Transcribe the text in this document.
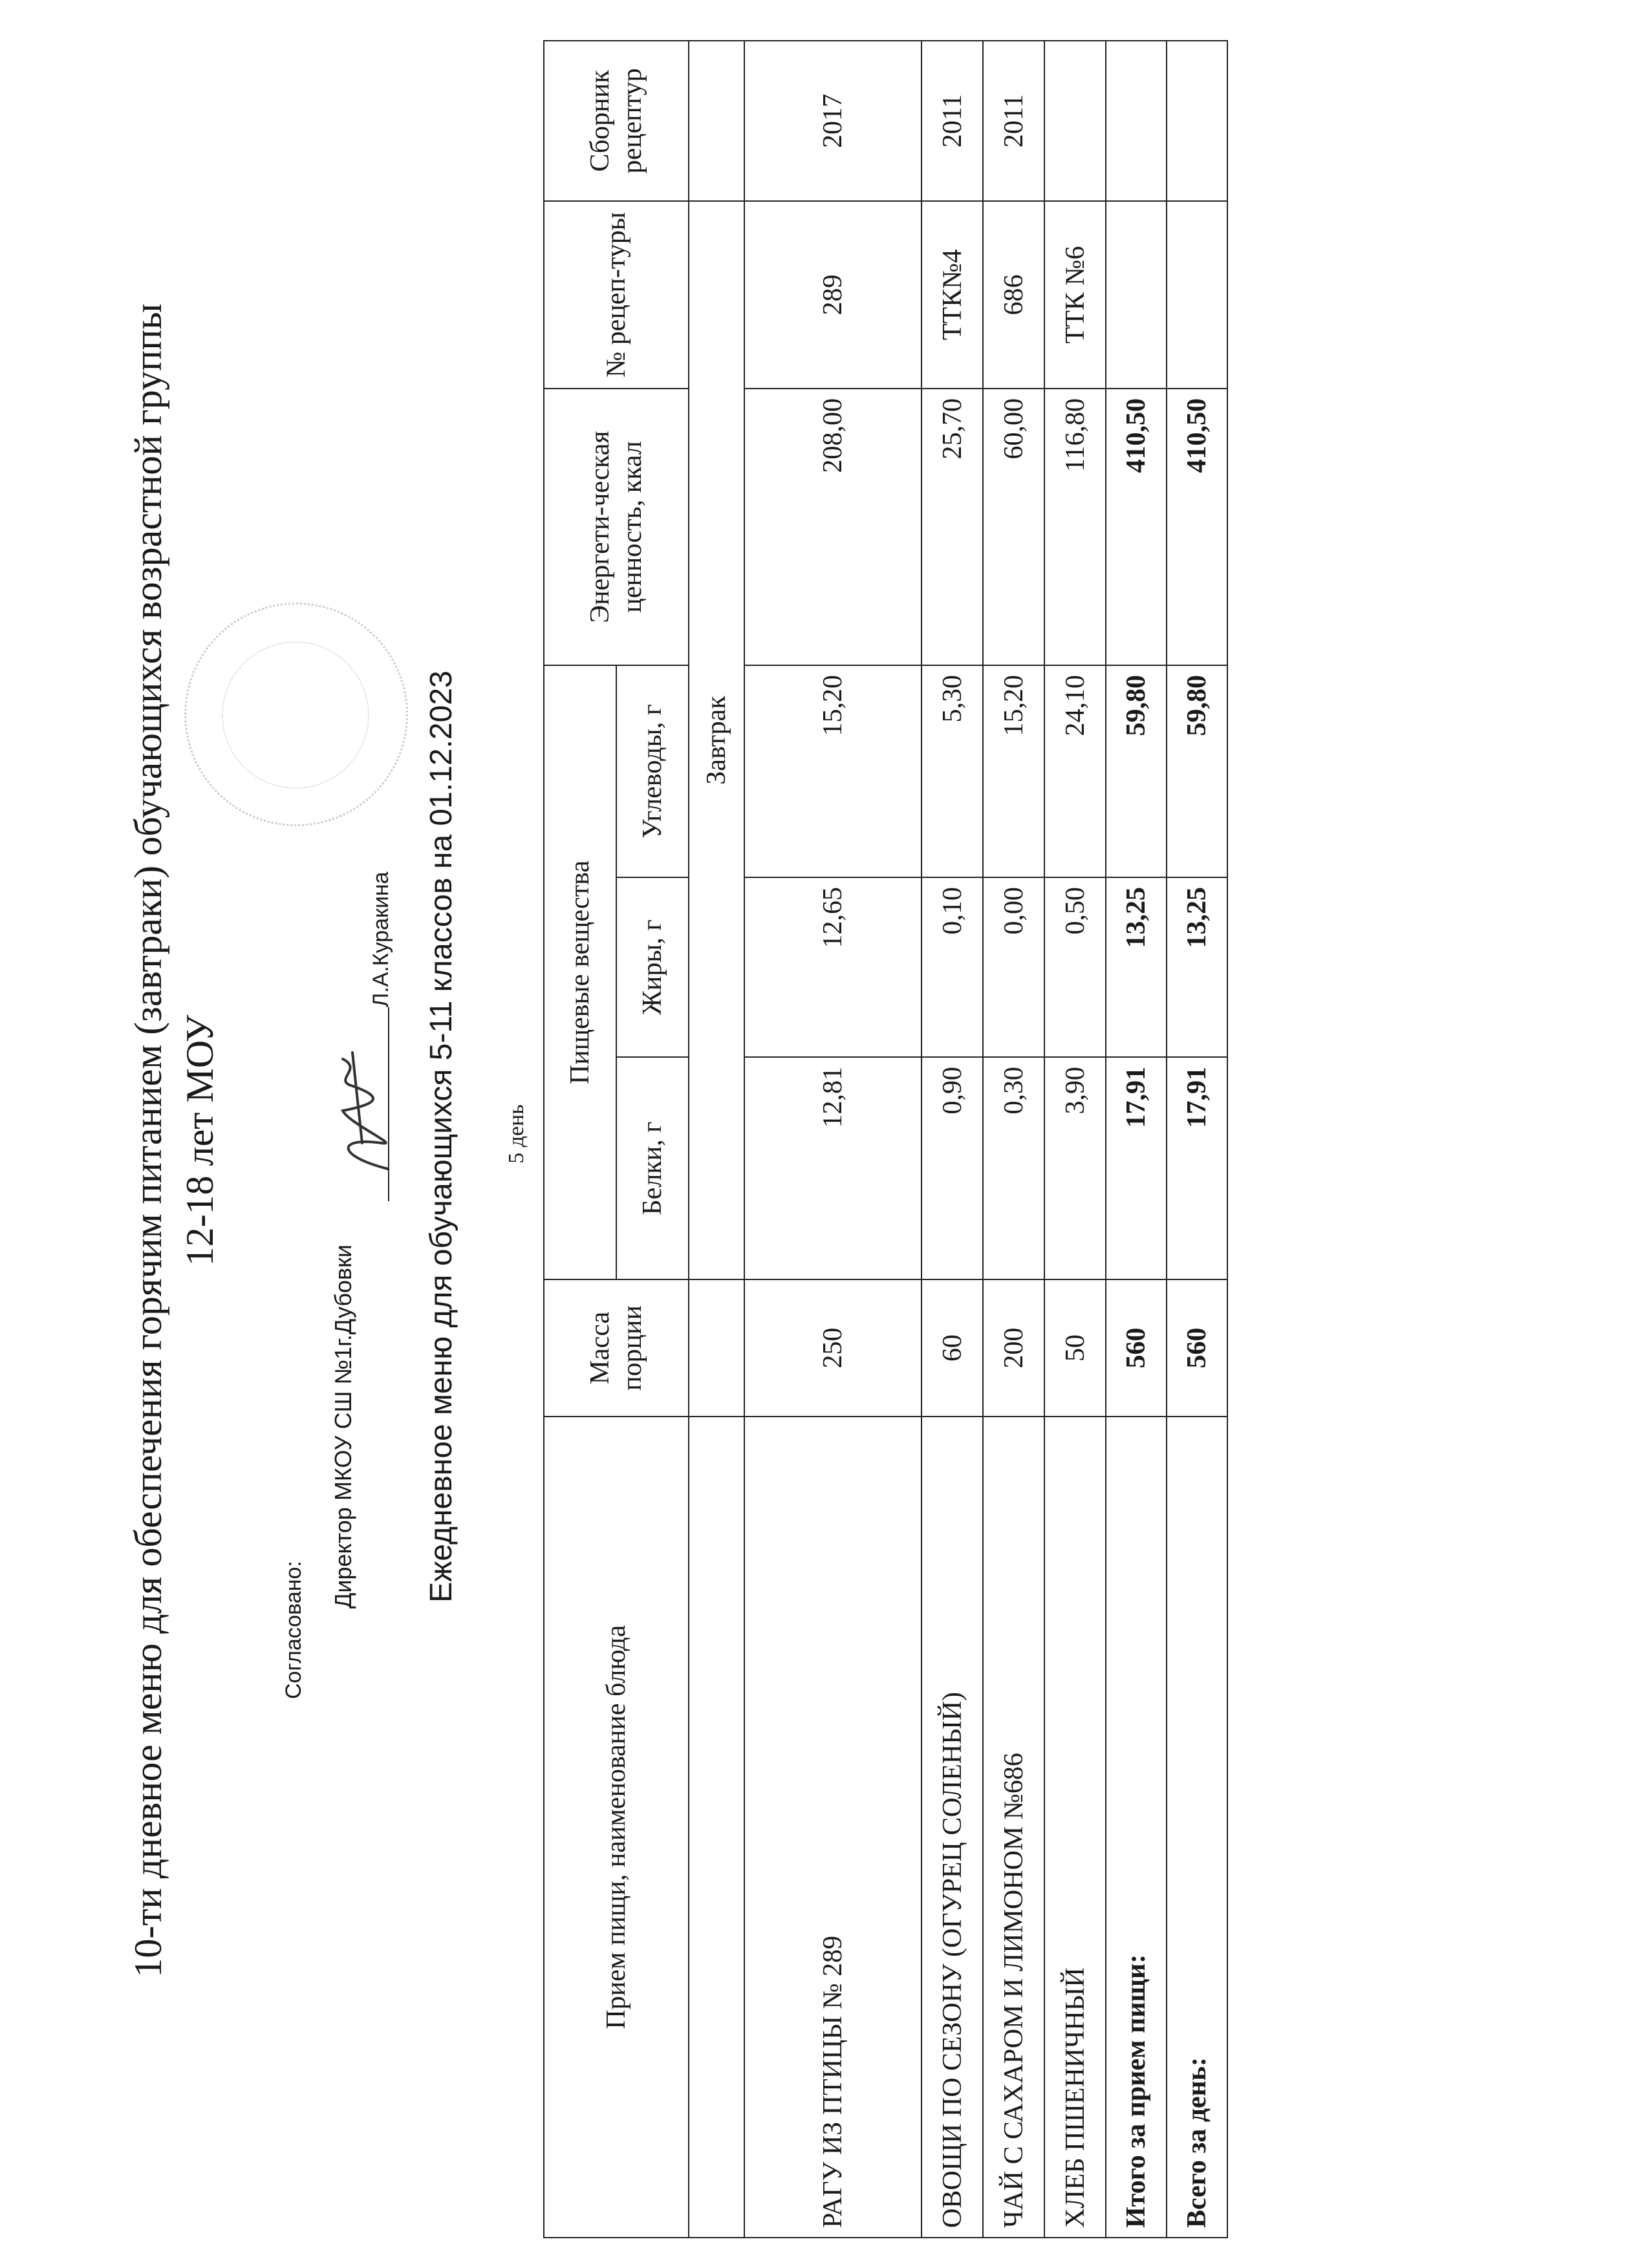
10-ти дневное меню для обеспечения горячим питанием (завтраки) обучающихся возрастной группы 12-18 лет МОУ
Согласовано:
Директор МКОУ СШ №1г.Дубовки
Л.А.Куракина Ежедневное меню для обучающихся 5-11 классов на 01.12.2023 5 день
Прием пищи, наименование блюда	Масса порции	Пищевые вещества			Энергети-ческая ценность, ккал	№ рецеп-туры	Сборник рецептур
		Белки, г	Жиры, г	Углеводы, г			
		Завтрак					
РАГУ ИЗ ПТИЦЫ № 289	250	12,81	12,65	15,20	208,00	289	2017
ОВОЩИ ПО СЕЗОНУ (ОГУРЕЦ СОЛЕНЫЙ)	60	0,90	0,10	5,30	25,70	ТТК№4	2011
ЧАЙ С САХАРОМ И ЛИМОНОМ №686	200	0,30	0,00	15,20	60,00	686	2011
ХЛЕБ ПШЕНИЧНЫЙ	50	3,90	0,50	24,10	116,80	ТТК №6	
Итого за прием пищи:	560	17,91	13,25	59,80	410,50		
Всего за день:	560	17,91	13,25	59,80	410,50		
